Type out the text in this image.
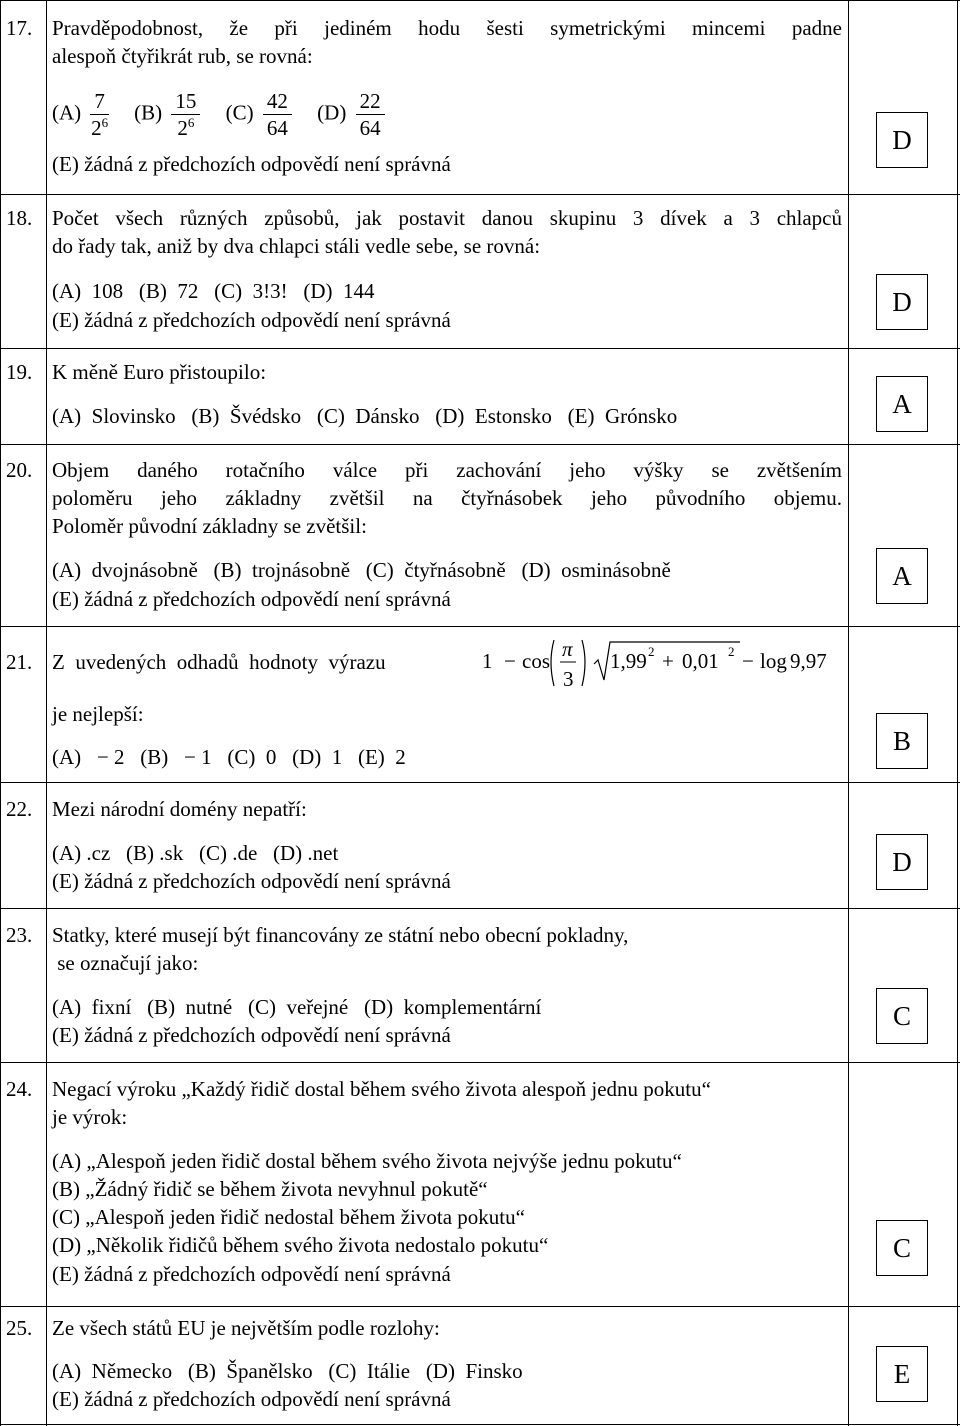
17. Pravděpodobnost, že při jediném hodu šesti symetrickými mincemi padne
alespoň čtyřikrát rub, se rovná:
$(A) \frac{7}{2^6} (B) \frac{15}{2^6} (C) \frac{42}{64} (D) \frac{22}{64}$
(E) žádná z předchozích odpovědí není správná
D
18. Počet všech různých způsobů, jak postavit danou skupinu 3 dívek a 3 chlapců
do řady tak, aniž by dva chlapci stáli vedle sebe, se rovná:
(A)  108   (B)  72   (C)  3!3!   (D)  144
(E) žádná z předchozích odpovědí není správná
D
19. K měně Euro přistoupilo:
(A)  Slovinsko   (B)  Švédsko   (C)  Dánsko   (D)  Estonsko   (E)  Grónsko	A
20. Objem daného rotačního válce při zachování jeho výšky se zvětšením
poloměru jeho základny zvětšil na čtyřnásobek jeho původního objemu.
Poloměr původní základny se zvětšil:
(A)  dvojnásobně   (B)  trojnásobně   (C)  čtyřnásobně   (D)  osminásobně
(E) žádná z předchozích odpovědí není správná
A
21. Z  uvedených  odhadů  hodnoty  výrazu	1 − cos π
3
1,99 2 + 0,01 2 − log 9,97
je nejlepší:
(A)   − 2   (B)   − 1   (C)  0   (D)  1   (E)  2
B
22. Mezi národní domény nepatří:
(A) .cz   (B) .sk   (C) .de   (D) .net
(E) žádná z předchozích odpovědí není správná
D
23. Statky, které musejí být financovány ze státní nebo obecní pokladny,
se označují jako:
(A)  fixní   (B)  nutné   (C)  veřejné   (D)  komplementární
(E) žádná z předchozích odpovědí není správná
C
24. Negací výroku „Každý řidič dostal během svého života alespoň jednu pokutu“
je výrok:
(A) „Alespoň jeden řidič dostal během svého života nejvýše jednu pokutu“
(B) „Žádný řidič se během života nevyhnul pokutě“
(C) „Alespoň jeden řidič nedostal během života pokutu“
(D) „Několik řidičů během svého života nedostalo pokutu“
(E) žádná z předchozích odpovědí není správná
C
25. Ze všech států EU je největším podle rozlohy:
(A)  Německo   (B)  Španělsko   (C)  Itálie   (D)  Finsko
(E) žádná z předchozích odpovědí není správná
E
